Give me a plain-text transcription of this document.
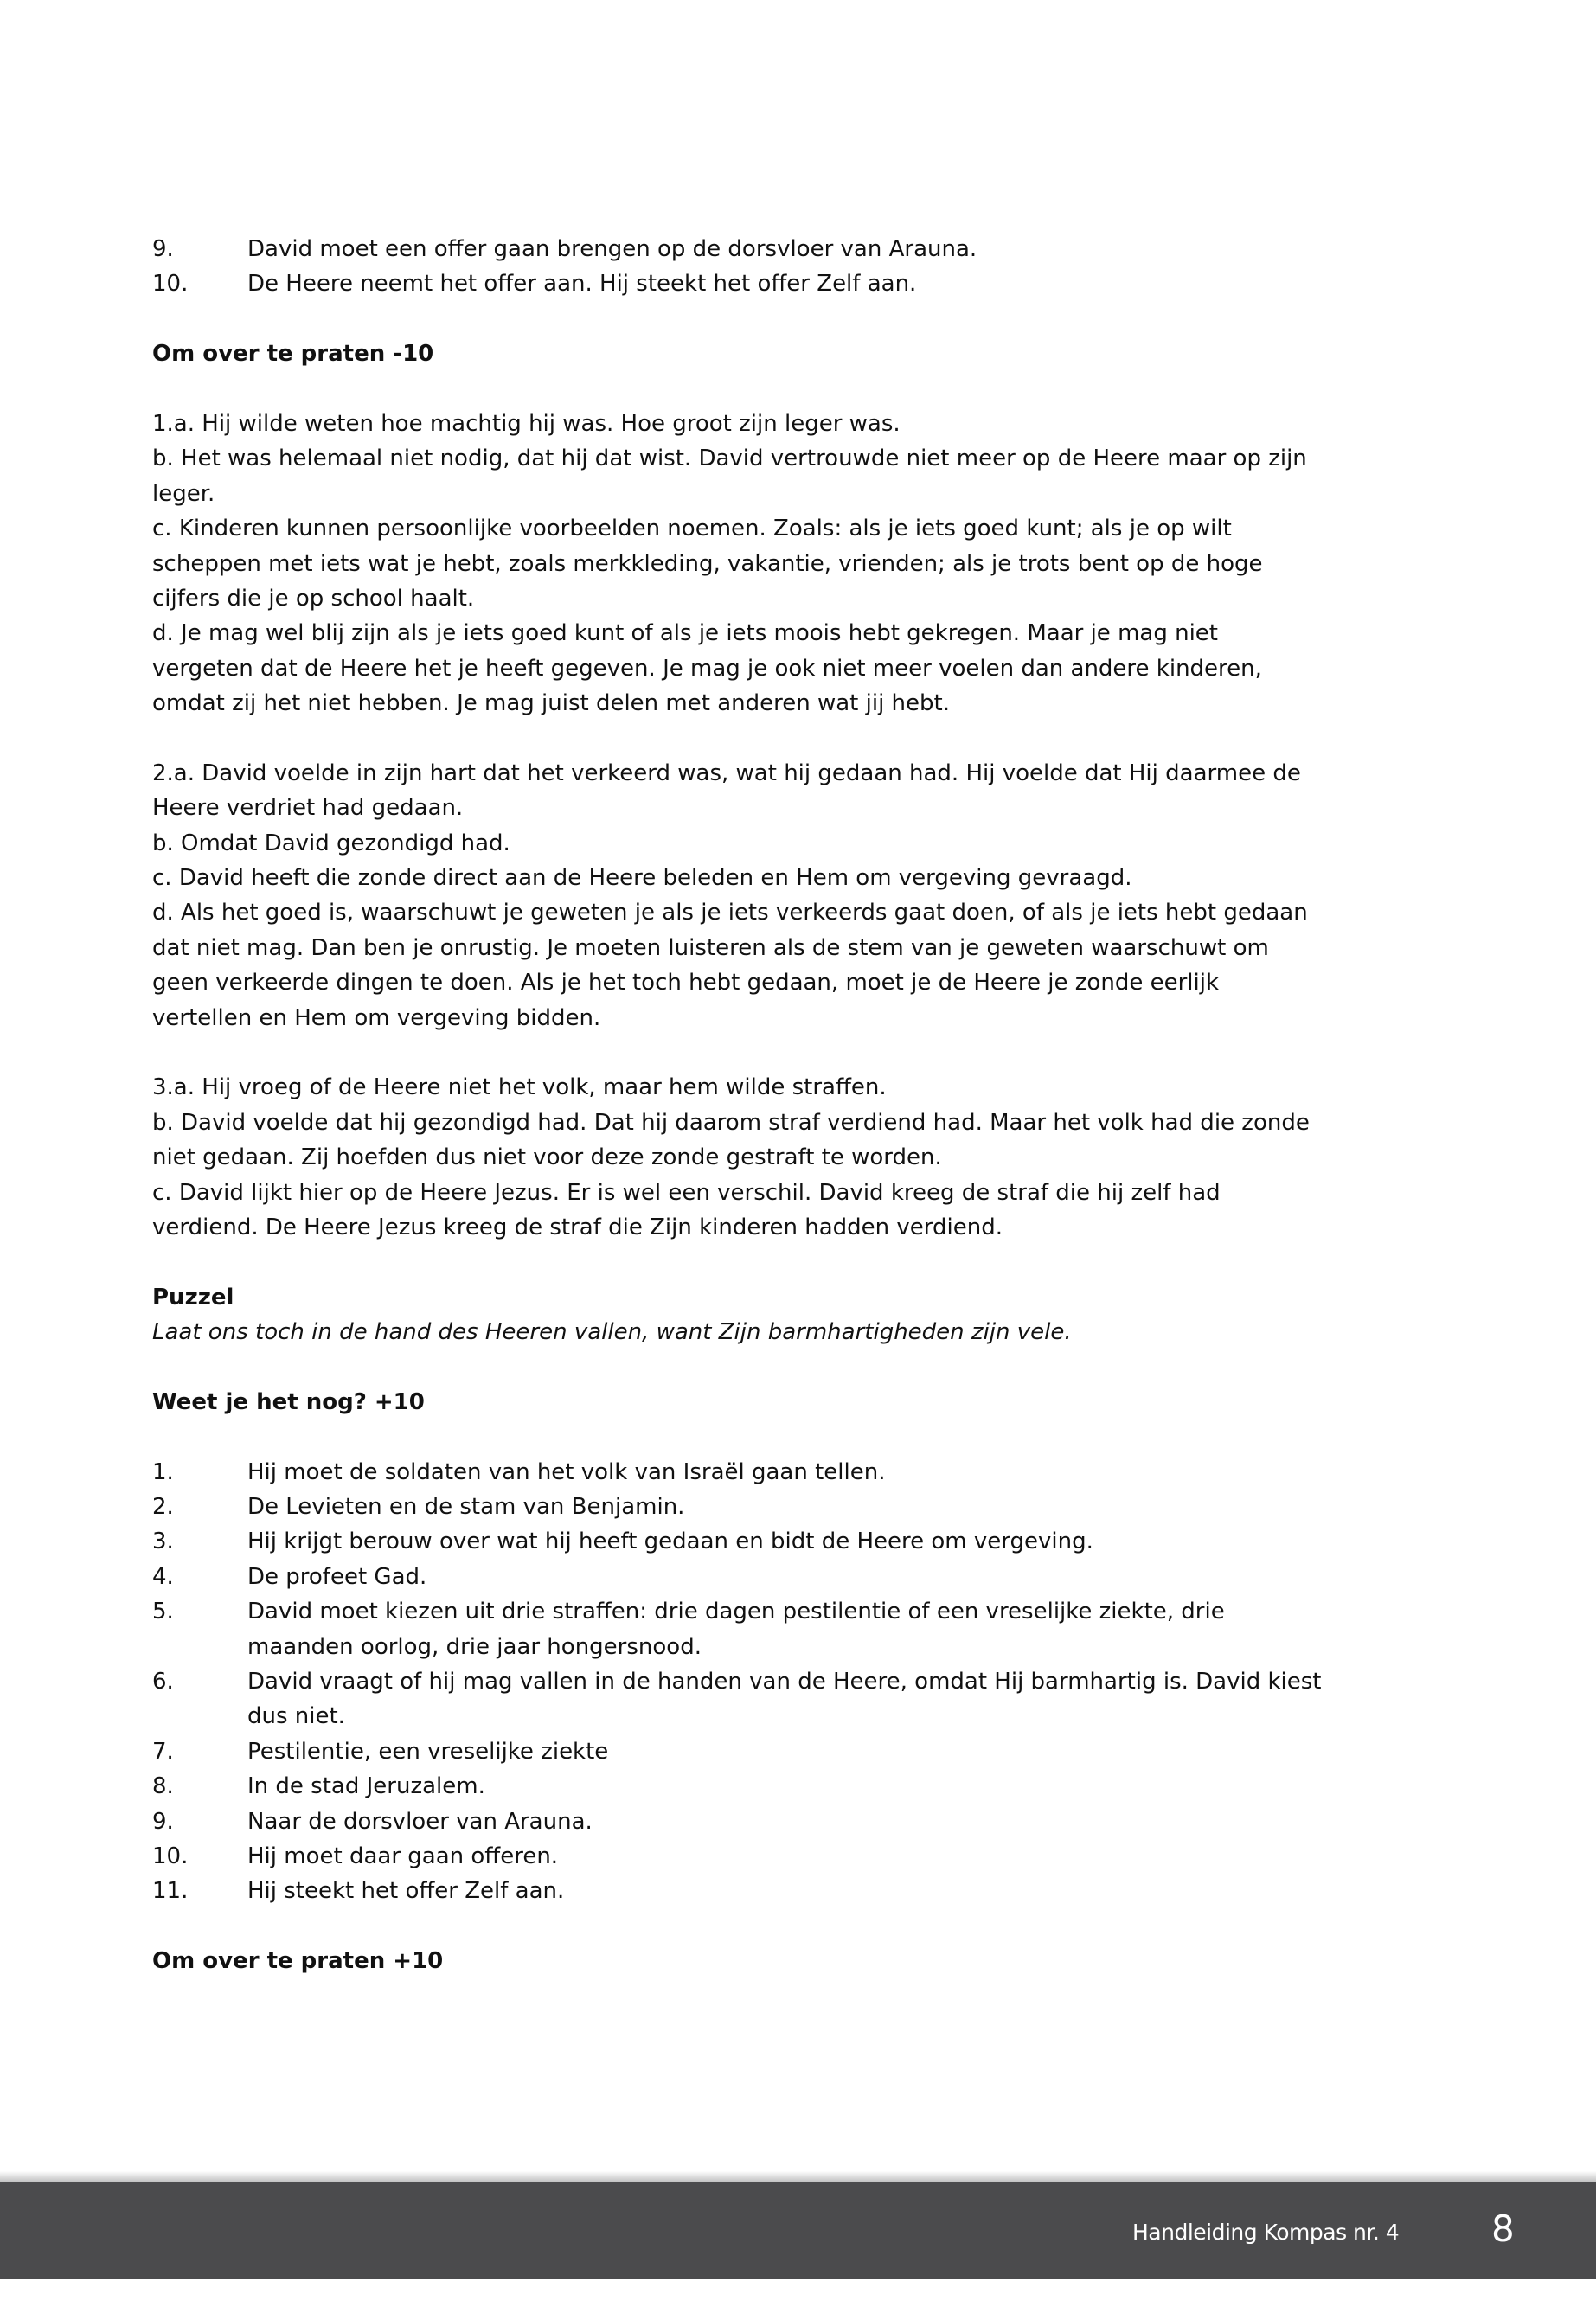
9.	David moet een offer gaan brengen op de dorsvloer van Arauna.
10.	De Heere neemt het offer aan. Hij steekt het offer Zelf aan.
Om over te praten -10
1.a. Hij wilde weten hoe machtig hij was. Hoe groot zijn leger was.
b. Het was helemaal niet nodig, dat hij dat wist. David vertrouwde niet meer op de Heere maar op zijn
leger.
c. Kinderen kunnen persoonlijke voorbeelden noemen. Zoals: als je iets goed kunt; als je op wilt
scheppen met iets wat je hebt, zoals merkkleding, vakantie, vrienden; als je trots bent op de hoge
cijfers die je op school haalt.
d. Je mag wel blij zijn als je iets goed kunt of als je iets moois hebt gekregen. Maar je mag niet
vergeten dat de Heere het je heeft gegeven. Je mag je ook niet meer voelen dan andere kinderen,
omdat zij het niet hebben. Je mag juist delen met anderen wat jij hebt.
2.a. David voelde in zijn hart dat het verkeerd was, wat hij gedaan had. Hij voelde dat Hij daarmee de
Heere verdriet had gedaan.
b. Omdat David gezondigd had.
c. David heeft die zonde direct aan de Heere beleden en Hem om vergeving gevraagd.
d. Als het goed is, waarschuwt je geweten je als je iets verkeerds gaat doen, of als je iets hebt gedaan
dat niet mag. Dan ben je onrustig. Je moeten luisteren als de stem van je geweten waarschuwt om
geen verkeerde dingen te doen. Als je het toch hebt gedaan, moet je de Heere je zonde eerlijk
vertellen en Hem om vergeving bidden.
3.a. Hij vroeg of de Heere niet het volk, maar hem wilde straffen.
b. David voelde dat hij gezondigd had. Dat hij daarom straf verdiend had. Maar het volk had die zonde
niet gedaan. Zij hoefden dus niet voor deze zonde gestraft te worden.
c. David lijkt hier op de Heere Jezus. Er is wel een verschil. David kreeg de straf die hij zelf had
verdiend. De Heere Jezus kreeg de straf die Zijn kinderen hadden verdiend.
Puzzel
Laat ons toch in de hand des Heeren vallen, want Zijn barmhartigheden zijn vele.
Weet je het nog? +10
1.	Hij moet de soldaten van het volk van Israël gaan tellen.
2.	De Levieten en de stam van Benjamin.
3.	Hij krijgt berouw over wat hij heeft gedaan en bidt de Heere om vergeving.
4.	De profeet Gad.
5.	David moet kiezen uit drie straffen: drie dagen pestilentie of een vreselijke ziekte, drie
maanden oorlog, drie jaar hongersnood.
6.	David vraagt of hij mag vallen in de handen van de Heere, omdat Hij barmhartig is. David kiest
dus niet.
7.	Pestilentie, een vreselijke ziekte
8.	In de stad Jeruzalem.
9.	Naar de dorsvloer van Arauna.
10.	Hij moet daar gaan offeren.
11.	Hij steekt het offer Zelf aan.
Om over te praten +10
Handleiding Kompas nr. 4	8
